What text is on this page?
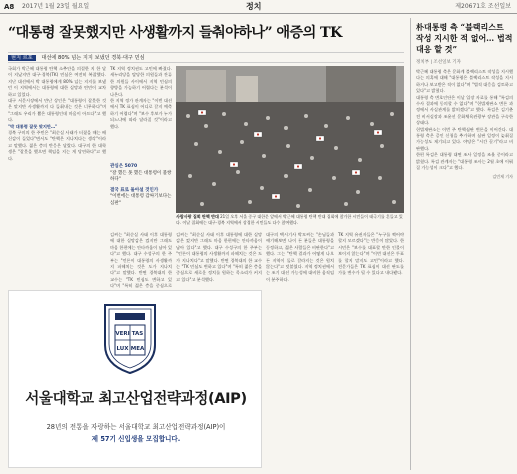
A8 2017년 1월 23일 월요일	정치	제20671호 조선일보
“대통령 잘못했지만 사생활까지 들춰야하나” 애증의 TK
현지 르포 대선에 80% 넘는 지지 보냈던 경북·대구 민심

국회가 박근혜 대통령 탄핵 소추안을 의결한 지 한 달이 지났지만 대구·경북(TK) 민심은 여전히 복잡했다. 지난 대선에서 박 대통령에게 80% 넘는 지지를 보냈던 이 지역에서는 대통령에 대한 실망과 연민이 교차하고 있었다.

대구 서문시장에서 만난 상인은 "대통령이 잘못한 것은 맞지만 사생활까지 다 들춰내는 것은 너무하다"며 "그래도 우리가 뽑은 대통령인데 마음이 아프다"고 했다.

"박 대통령 잘못 맞지만…"

경북 구미의 한 주민은 "최순실 사태가 터졌을 때는 배신감이 들었다"면서도 "탄핵은 지나치다는 생각"이라고 말했다. 젊은 층의 반응은 달랐다. 대구의 한 대학생은 "잘못을 했으면 책임을 지는 게 당연하다"고 했다.

TK 지역 정치권도 고민에 빠졌다. 새누리당을 탈당한 의원들과 잔류한 의원들 사이에서 지역 민심의 향방을 가늠하기 어렵다는 분석이 나온다.

한 지역 정가 관계자는 "이번 대선에서 TK 표심이 어디로 갈지 예측하기 어렵다"며 "보수 후보가 누가 되느냐에 따라 달라질 것"이라고 했다.

관심은 5070
"잘 했든 못 했든 대통령이 불쌍하다"
결국 표로 돌아설 것인가
"이번에는 대통령 감싸기보다는 심판"
사람사랑 집회 탄핵 반대 21일 오후 서울 중구 대한문 앞에서 박근혜 대통령 탄핵 반대 집회에 참가한 시민들이 태극기를 흔들고 있다. 이날 집회에는 대구·경북 지역에서 상경한 시민들도 다수 참여했다.

김씨는 "최순실 사태 이후 대통령에 대한 실망감은 컸지만 그래도 마음 한편에는 안타까움이 남아 있다"고 했다. 대구 수성구의 한 주부는 "언론이 대통령의 사생활까지 파헤치는 것은 도가 지나치다"고 말했다. 반면 경북대의 한 교수는 "TK 민심도 변하고 있다"며 "특히 젊은 층을 중심으로

대구의 택시기사 박모씨는 "손님들과 얘기해보면 나이 든 분들은 대통령을 동정하고, 젊은 사람들은 비판한다"고 했다. 그는 "탄핵 결과가 어떻게 나오든 지역이 둘로 갈라지는 것은 원치 않는다"고 덧붙였다. 지역 정치권에서는 조기 대선 가능성에 대비한 움직임이 분주하다.

TK 지역 유권자들은 "누구를 찍어야 할지 모르겠다"는 반응이 많았다. 한 시민은 "보수를 대표할 만한 인물이 보이지 않는다"며 "이번 대선은 투표를 할지 말지도 고민"이라고 했다. 전문가들은 TK 표심이 대선 판도를 가를 변수가 될 수 있다고 내다봤다.

김씨는 "최순실 사태 이후 대통령에 대한 실망감은 컸지만 그래도 마음 한편에는 안타까움이 남아 있다"고 했다. 대구 수성구의 한 주부는 "언론이 대통령의 사생활까지 파헤치는 것은 도가 지나치다"고 말했다. 반면 경북대의 한 교수는 "TK 민심도 변하고 있다"며 "특히 젊은 층을 중심으로 새로운 정치를 원하는 목소리가 커지고 있다"고 분석했다.

VERI TAS
LUX MEA
서울대학교 최고산업전략과정(AIP)
28년의 전통을 자랑하는 서울대학교 최고산업전략과정(AIP)이
제 57기 신입생을 모집합니다.
朴대통령 측 “블랙리스트 작성 지시한 적 없어… 법적 대응 할 것”
정치부 | 조선일보 기자

박근혜 대통령 측은 문화계 블랙리스트 작성을 지시했다는 의혹에 대해 "대통령은 블랙리스트 작성을 지시하거나 보고받은 적이 없다"며 "법적 대응을 검토하고 있다"고 밝혔다.

대통령 측 변호인단은 이날 입장 자료를 통해 "특검의 수사 결과에 동의할 수 없다"며 "헌법재판소 변론 과정에서 사실관계를 밝히겠다"고 했다. 특검은 김기춘 전 비서실장과 조윤선 문화체육관광부 장관을 구속한 상태다.

헌법재판소는 이번 주 탄핵심판 변론을 이어간다. 대통령 측은 증인 신청을 추가하며 심판 일정이 늦춰질 가능성도 제기되고 있다. 야당은 "시간 끌기"라고 비판했다.

한편 특검은 대통령 대면 조사 일정을 조율 중이라고 밝혔다. 특검 관계자는 "대통령 조사는 2월 초에 이뤄질 가능성이 크다"고 했다.

김민제 기자
